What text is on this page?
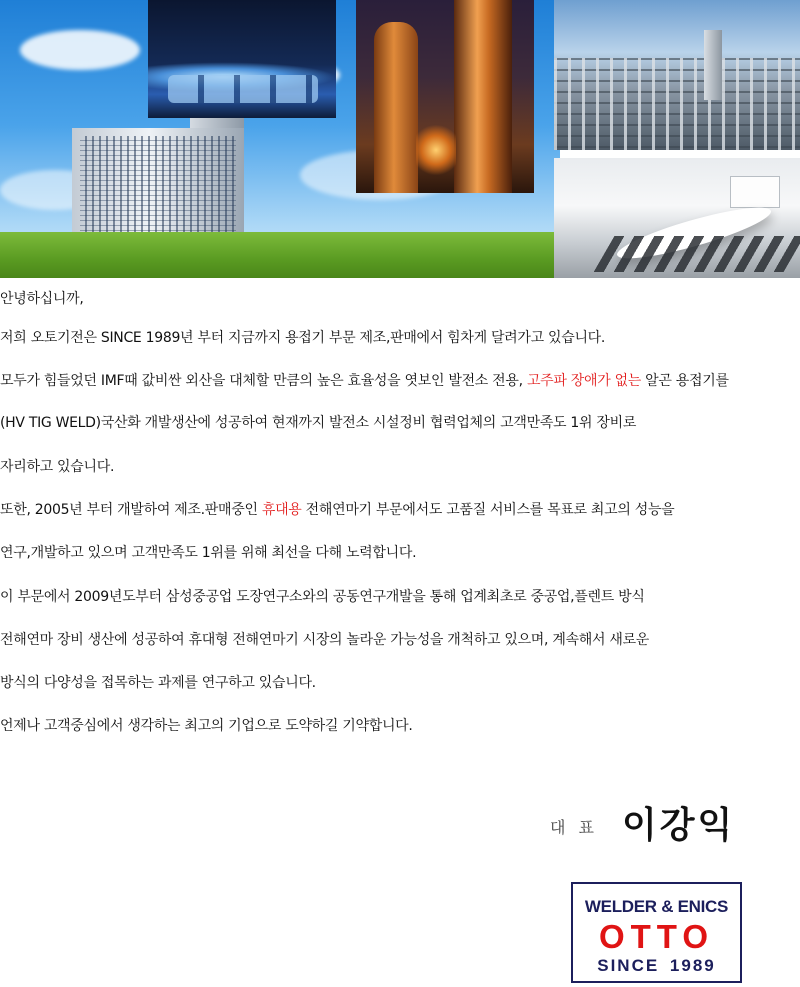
안녕하십니까,

저희 오토기전은 SINCE 1989년 부터 지금까지 용접기 부문 제조,판매에서 힘차게 달려가고 있습니다.

모두가 힘들었던 IMF때 값비싼 외산을 대체할 만큼의 높은 효율성을 엿보인 발전소 전용, 고주파 장애가 없는 알곤 용접기를

(HV TIG WELD)국산화 개발생산에 성공하여 현재까지 발전소 시설정비 협력업체의 고객만족도 1위 장비로

자리하고 있습니다.

또한, 2005년 부터 개발하여 제조.판매중인 휴대용 전해연마기 부문에서도 고품질 서비스를 목표로 최고의 성능을

연구,개발하고 있으며 고객만족도 1위를 위해 최선을 다해 노력합니다.

이 부문에서 2009년도부터 삼성중공업 도장연구소와의 공동연구개발을 통해 업계최초로 중공업,플렌트 방식

전해연마 장비 생산에 성공하여 휴대형 전해연마기 시장의 놀라운 가능성을 개척하고 있으며, 계속해서 새로운

방식의 다양성을 접목하는 과제를 연구하고 있습니다.

언제나 고객중심에서 생각하는 최고의 기업으로 도약하길 기약합니다.

대 표 이강익
WELDER & ENICS
OTTO
SINCE 1989
